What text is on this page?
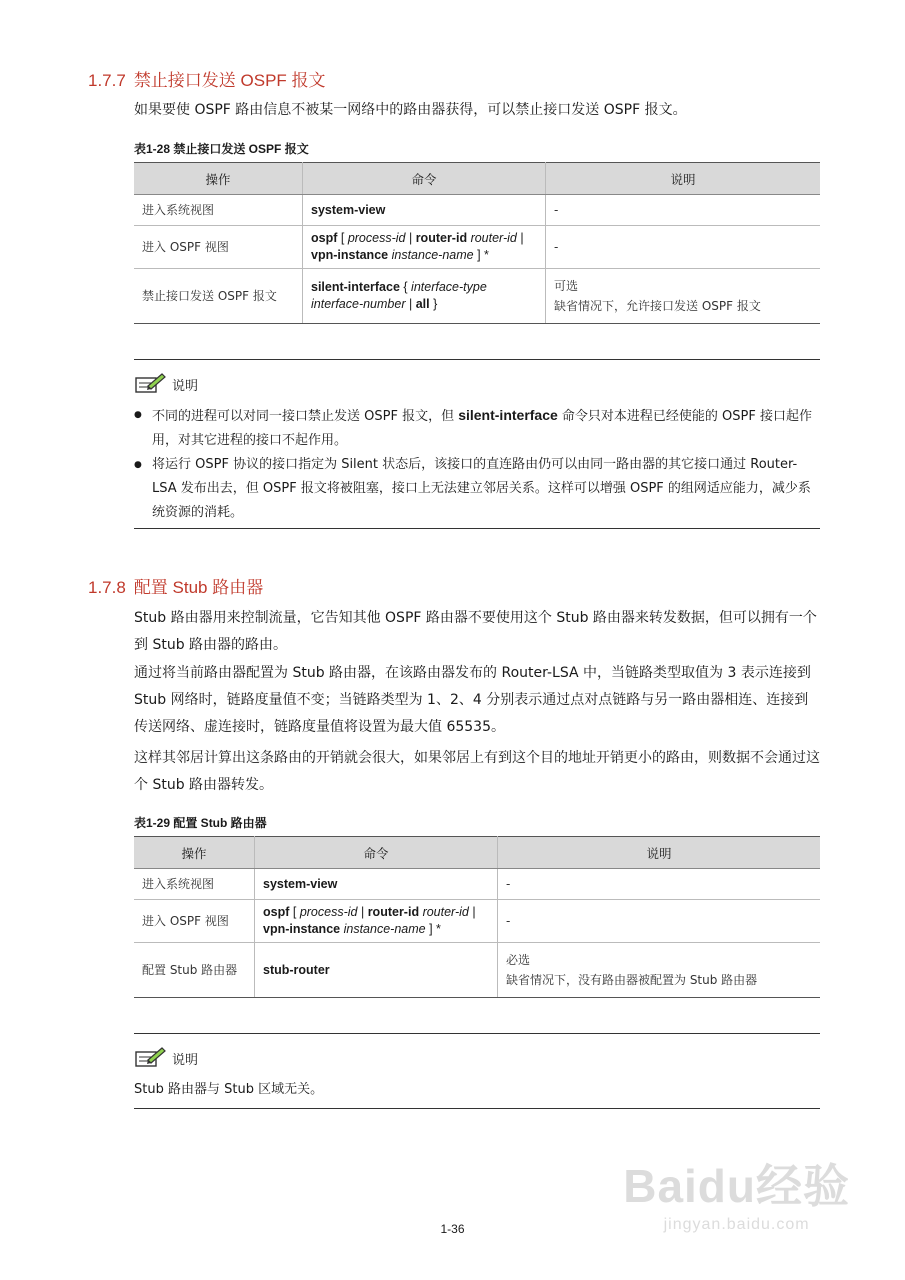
1.7.7 禁止接口发送 OSPF 报文
如果要使 OSPF 路由信息不被某一网络中的路由器获得，可以禁止接口发送 OSPF 报文。
表1-28 禁止接口发送 OSPF 报文
操作	命令	说明
进入系统视图	system-view	-
进入 OSPF 视图	ospf [ process-id | router-id router-id | vpn-instance instance-name ] *	-
禁止接口发送 OSPF 报文	silent-interface { interface-type interface-number | all }	可选
缺省情况下，允许接口发送 OSPF 报文
说明
● 不同的进程可以对同一接口禁止发送 OSPF 报文，但 silent-interface 命令只对本进程已经使能的 OSPF 接口起作用，对其它进程的接口不起作用。
● 将运行 OSPF 协议的接口指定为 Silent 状态后，该接口的直连路由仍可以由同一路由器的其它接口通过 Router-LSA 发布出去，但 OSPF 报文将被阻塞，接口上无法建立邻居关系。这样可以增强 OSPF 的组网适应能力，减少系统资源的消耗。
1.7.8 配置 Stub 路由器
Stub 路由器用来控制流量，它告知其他 OSPF 路由器不要使用这个 Stub 路由器来转发数据，但可以拥有一个到 Stub 路由器的路由。
通过将当前路由器配置为 Stub 路由器，在该路由器发布的 Router-LSA 中，当链路类型取值为 3 表示连接到 Stub 网络时，链路度量值不变；当链路类型为 1、2、4 分别表示通过点对点链路与另一路由器相连、连接到传送网络、虚连接时，链路度量值将设置为最大值 65535。
这样其邻居计算出这条路由的开销就会很大，如果邻居上有到这个目的地址开销更小的路由，则数据不会通过这个 Stub 路由器转发。
表1-29 配置 Stub 路由器
操作	命令	说明
进入系统视图	system-view	-
进入 OSPF 视图	ospf [ process-id | router-id router-id | vpn-instance instance-name ] *	-
配置 Stub 路由器	stub-router	必选
缺省情况下，没有路由器被配置为 Stub 路由器
说明
Stub 路由器与 Stub 区域无关。
1-36
Baidu经验
jingyan.baidu.com
